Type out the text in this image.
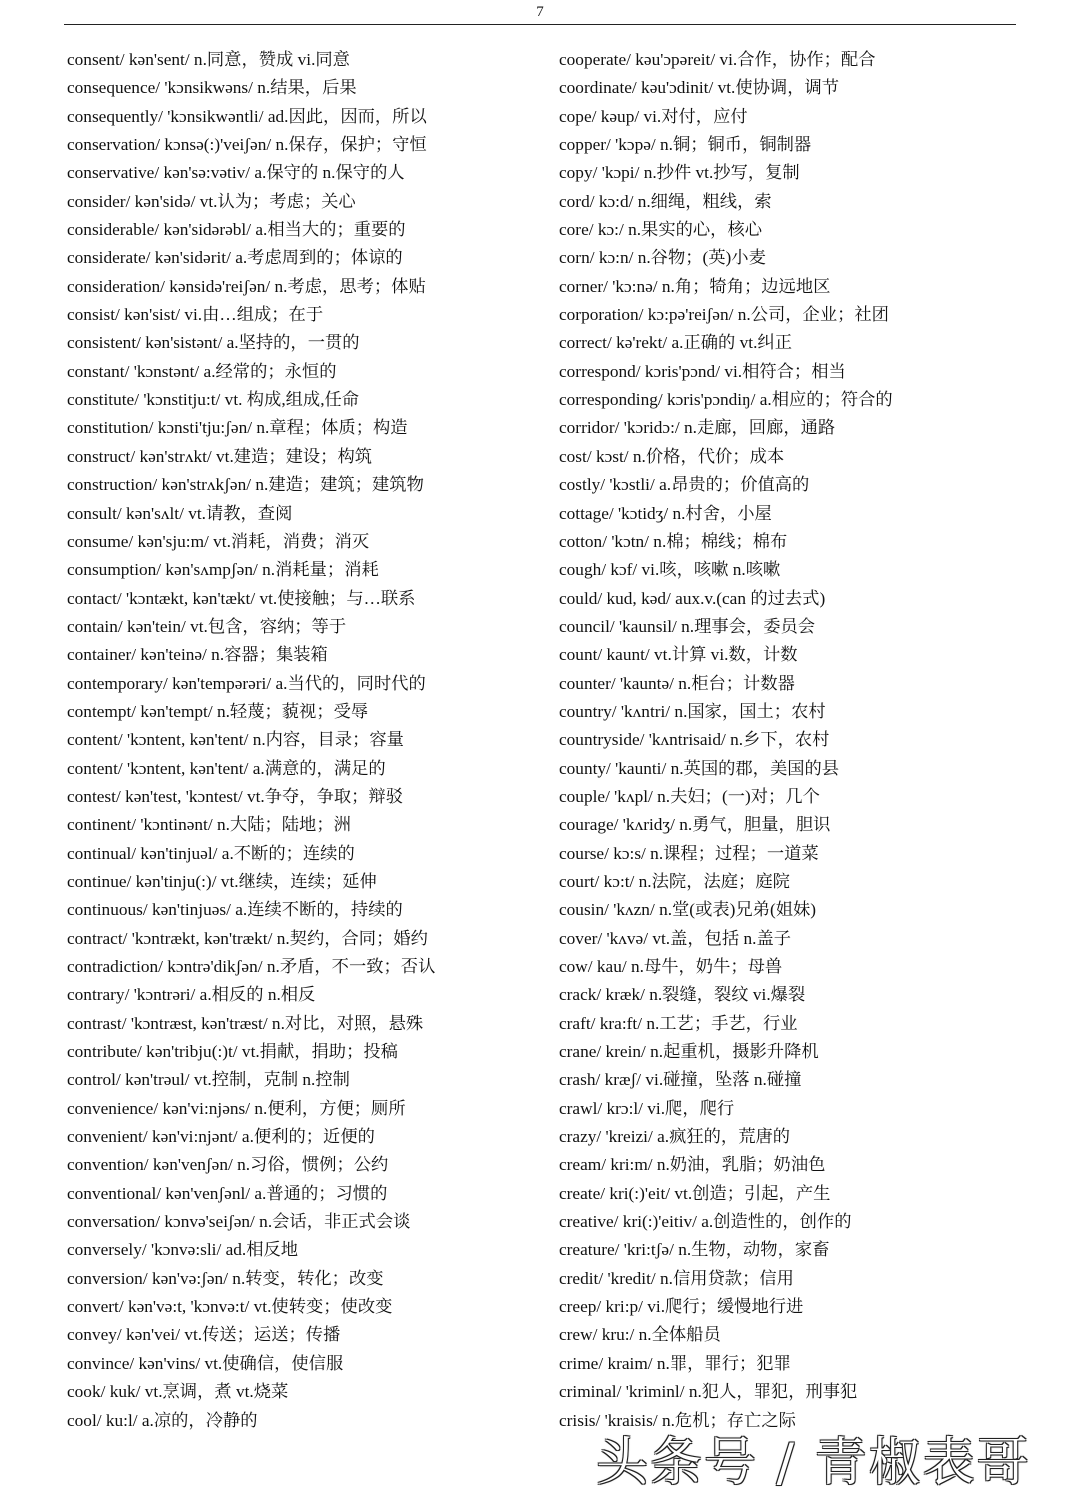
7
consent/ kən'sent/ n.同意，赞成 vi.同意
consequence/ 'kɔnsikwəns/ n.结果，后果
consequently/ 'kɔnsikwəntli/ ad.因此，因而，所以
conservation/ kɔnsə(:)'veiʃən/ n.保存，保护；守恒
conservative/ kən'sə:vətiv/ a.保守的 n.保守的人
consider/ kən'sidə/ vt.认为；考虑；关心
considerable/ kən'sidərəbl/ a.相当大的；重要的
considerate/ kən'sidərit/ a.考虑周到的；体谅的
consideration/ kənsidə'reiʃən/ n.考虑，思考；体贴
consist/ kən'sist/ vi.由…组成；在于
consistent/ kən'sistənt/ a.坚持的，一贯的
constant/ 'kɔnstənt/ a.经常的；永恒的
constitute/ 'kɔnstitju:t/ vt. 构成,组成,任命
constitution/ kɔnsti'tju:ʃən/ n.章程；体质；构造
construct/ kən'strʌkt/ vt.建造；建设；构筑
construction/ kən'strʌkʃən/ n.建造；建筑；建筑物
consult/ kən'sʌlt/ vt.请教，查阅
consume/ kən'sju:m/ vt.消耗，消费；消灭
consumption/ kən'sʌmpʃən/ n.消耗量；消耗
contact/ 'kɔntækt, kən'tækt/ vt.使接触；与…联系
contain/ kən'tein/ vt.包含，容纳；等于
container/ kən'teinə/ n.容器；集装箱
contemporary/ kən'tempərəri/ a.当代的，同时代的
contempt/ kən'tempt/ n.轻蔑；藐视；受辱
content/ 'kɔntent, kən'tent/ n.内容，目录；容量
content/ 'kɔntent, kən'tent/ a.满意的，满足的
contest/ kən'test, 'kɔntest/ vt.争夺，争取；辩驳
continent/ 'kɔntinənt/ n.大陆；陆地；洲
continual/ kən'tinjuəl/ a.不断的；连续的
continue/ kən'tinju(:)/ vt.继续，连续；延伸
continuous/ kən'tinjuəs/ a.连续不断的，持续的
contract/ 'kɔntrækt, kən'trækt/ n.契约，合同；婚约
contradiction/ kɔntrə'dikʃən/ n.矛盾，不一致；否认
contrary/ 'kɔntrəri/ a.相反的 n.相反
contrast/ 'kɔntræst, kən'træst/ n.对比，对照，悬殊
contribute/ kən'tribju(:)t/ vt.捐献，捐助；投稿
control/ kən'trəul/ vt.控制，克制 n.控制
convenience/ kən'vi:njəns/ n.便利，方便；厕所
convenient/ kən'vi:njənt/ a.便利的；近便的
convention/ kən'venʃən/ n.习俗，惯例；公约
conventional/ kən'venʃənl/ a.普通的；习惯的
conversation/ kɔnvə'seiʃən/ n.会话，非正式会谈
conversely/ 'kɔnvə:sli/ ad.相反地
conversion/ kən'və:ʃən/ n.转变，转化；改变
convert/ kən'və:t, 'kɔnvə:t/ vt.使转变；使改变
convey/ kən'vei/ vt.传送；运送；传播
convince/ kən'vins/ vt.使确信，使信服
cook/ kuk/ vt.烹调，煮 vt.烧菜
cool/ ku:l/ a.凉的，冷静的
cooperate/ kəu'ɔpəreit/ vi.合作，协作；配合
coordinate/ kəu'ɔdinit/ vt.使协调，调节
cope/ kəup/ vi.对付，应付
copper/ 'kɔpə/ n.铜；铜币，铜制器
copy/ 'kɔpi/ n.抄件 vt.抄写，复制
cord/ kɔ:d/ n.细绳，粗线，索
core/ kɔ:/ n.果实的心，核心
corn/ kɔ:n/ n.谷物；(英)小麦
corner/ 'kɔ:nə/ n.角；犄角；边远地区
corporation/ kɔ:pə'reiʃən/ n.公司，企业；社团
correct/ kə'rekt/ a.正确的 vt.纠正
correspond/ kɔris'pɔnd/ vi.相符合；相当
corresponding/ kɔris'pɔndiŋ/ a.相应的；符合的
corridor/ 'kɔridɔ:/ n.走廊，回廊，通路
cost/ kɔst/ n.价格，代价；成本
costly/ 'kɔstli/ a.昂贵的；价值高的
cottage/ 'kɔtidʒ/ n.村舍，小屋
cotton/ 'kɔtn/ n.棉；棉线；棉布
cough/ kɔf/ vi.咳，咳嗽 n.咳嗽
could/ kud, kəd/ aux.v.(can 的过去式)
council/ 'kaunsil/ n.理事会，委员会
count/ kaunt/ vt.计算 vi.数，计数
counter/ 'kauntə/ n.柜台；计数器
country/ 'kʌntri/ n.国家，国土；农村
countryside/ 'kʌntrisaid/ n.乡下，农村
county/ 'kaunti/ n.英国的郡，美国的县
couple/ 'kʌpl/ n.夫妇；(一)对；几个
courage/ 'kʌridʒ/ n.勇气，胆量，胆识
course/ kɔ:s/ n.课程；过程；一道菜
court/ kɔ:t/ n.法院，法庭；庭院
cousin/ 'kʌzn/ n.堂(或表)兄弟(姐妹)
cover/ 'kʌvə/ vt.盖，包括 n.盖子
cow/ kau/ n.母牛，奶牛；母兽
crack/ kræk/ n.裂缝，裂纹 vi.爆裂
craft/ kra:ft/ n.工艺；手艺，行业
crane/ krein/ n.起重机，摄影升降机
crash/ kræʃ/ vi.碰撞，坠落 n.碰撞
crawl/ krɔ:l/ vi.爬，爬行
crazy/ 'kreizi/ a.疯狂的，荒唐的
cream/ kri:m/ n.奶油，乳脂；奶油色
create/ kri(:)'eit/ vt.创造；引起，产生
creative/ kri(:)'eitiv/ a.创造性的，创作的
creature/ 'kri:tʃə/ n.生物，动物，家畜
credit/ 'kredit/ n.信用贷款；信用
creep/ kri:p/ vi.爬行；缓慢地行进
crew/ kru:/ n.全体船员
crime/ kraim/ n.罪，罪行；犯罪
criminal/ 'kriminl/ n.犯人，罪犯，刑事犯
crisis/ 'kraisis/ n.危机；存亡之际
头条号 / 青椒表哥
